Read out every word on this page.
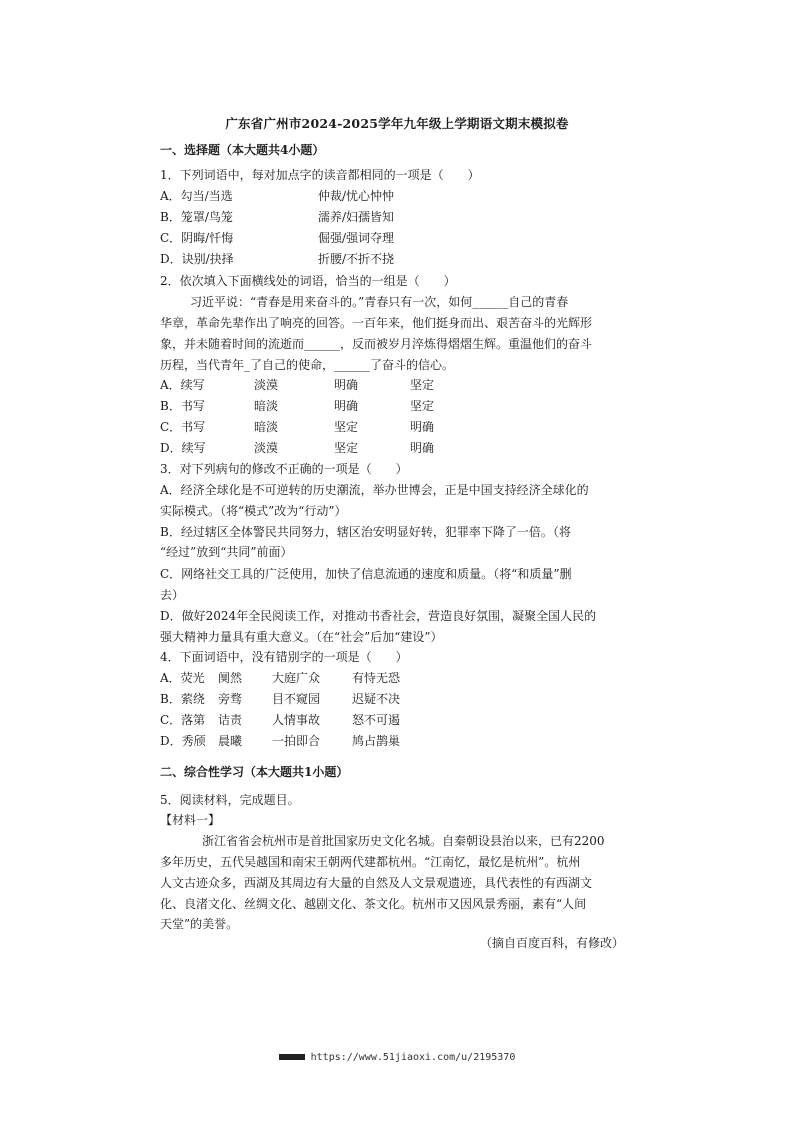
广东省广州市2024-2025学年九年级上学期语文期末模拟卷
一、选择题（本大题共4小题）
1．下列词语中，每对加点字的读音都相同的一项是（　　）
A．勾当/当选	仲裁/忧心忡忡
B．笼罩/鸟笼	濡养/妇孺皆知
C．阴晦/忏悔	倔强/强词夺理
D．诀别/抉择	折腰/不折不挠
2．依次填入下面横线处的词语，恰当的一组是（　　）
习近平说：“青春是用来奋斗的。”青春只有一次，如何______自己的青春
华章，革命先辈作出了响亮的回答。一百年来，他们挺身而出、艰苦奋斗的光辉形
象，并未随着时间的流逝而______，反而被岁月淬炼得熠熠生辉。重温他们的奋斗
历程，当代青年_了自己的使命，______了奋斗的信心。
A．续写	淡漠	明确	坚定
B．书写	暗淡	明确	坚定
C．书写	暗淡	坚定	明确
D．续写	淡漠	坚定	明确
3．对下列病句的修改不正确的一项是（　　）
A．经济全球化是不可逆转的历史潮流，举办世博会，正是中国支持经济全球化的
实际模式。（将“模式”改为“行动”）
B．经过辖区全体警民共同努力，辖区治安明显好转，犯罪率下降了一倍。（将
“经过”放到“共同”前面）
C．网络社交工具的广泛使用，加快了信息流通的速度和质量。（将“和质量”删
去）
D．做好2024年全民阅读工作，对推动书香社会，营造良好氛围，凝聚全国人民的
强大精神力量具有重大意义。（在“社会”后加“建设”）
4．下面词语中，没有错别字的一项是（　　）
A．荧光 阒然 大庭广众	有恃无恐
B．萦绕 旁骛 目不窥园	迟疑不决
C．落第 诘责 人情事故	怒不可遏
D．秀颀 晨曦 一拍即合	鸠占鹊巢
二、综合性学习（本大题共1小题）
5．阅读材料，完成题目。
【材料一】
浙江省省会杭州市是首批国家历史文化名城。自秦朝设县治以来，已有2200
多年历史，五代吴越国和南宋王朝两代建都杭州。“江南忆，最忆是杭州”。杭州
人文古迹众多，西湖及其周边有大量的自然及人文景观遗迹，具代表性的有西湖文
化、良渚文化、丝绸文化、越剧文化、茶文化。杭州市又因风景秀丽，素有“人间
天堂”的美誉。
（摘自百度百科，有修改）
https://www.51jiaoxi.com/u/2195370
